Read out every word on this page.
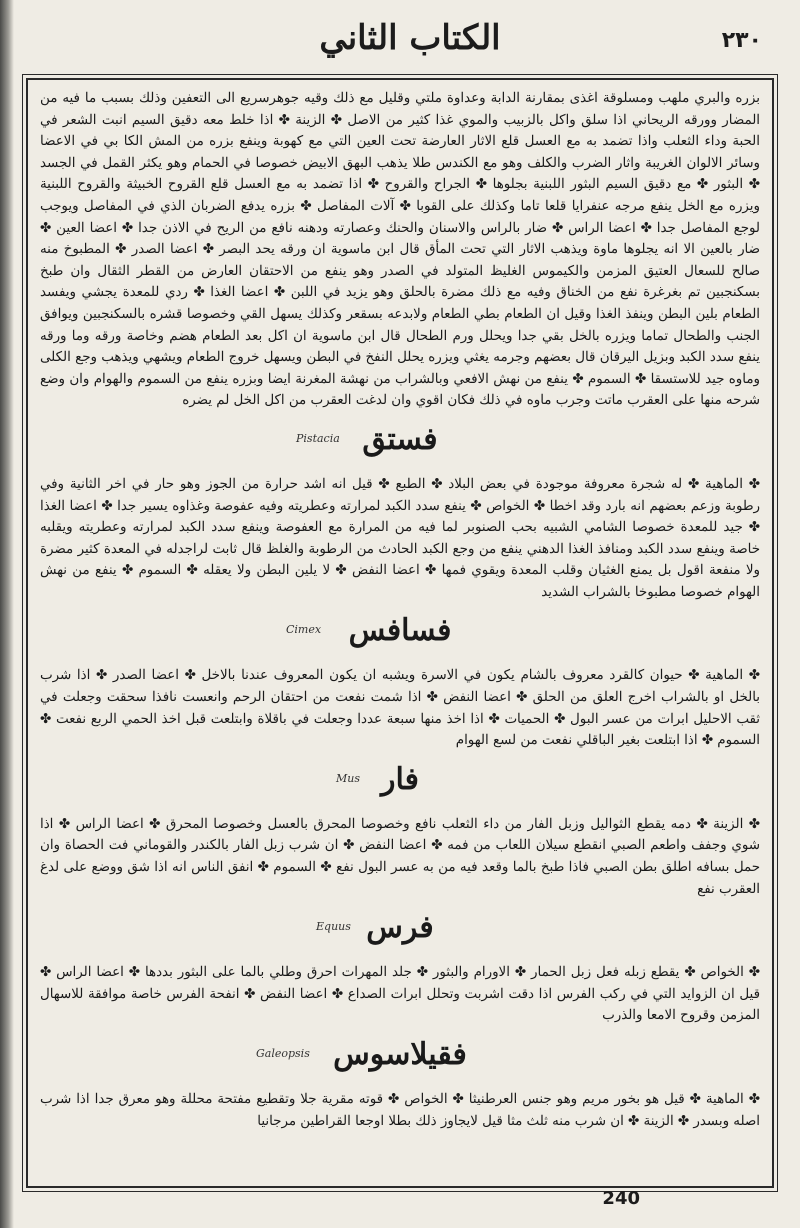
الكتاب الثاني	٢٣٠

بزره والبري ملهب ومسلوقة اغذى بمقارنة الدابة وعداوة ملتي وقليل مع ذلك وقيه جوهرسريع الى التعفين وذلك بسبب ما فيه من المضار وورقه الريحاني اذا سلق واكل بالزبيب والموي غذا كثير من الاصل ✤ الزينة ✤ اذا خلط معه دقيق السيم انبت الشعر في الحبة وداء الثعلب واذا تضمد به مع العسل قلع الاثار العارضة تحت العين التي مع كهوبة وينفع بزره من المش الكا بي في الاعضا وسائر الالوان الغريبة واثار الضرب والكلف وهو مع الكندس طلا يذهب البهق الابيض خصوصا في الحمام وهو يكثر القمل في الجسد ✤ البثور ✤ مع دقيق السيم البثور اللبنية بجلوها ✤ الجراح والقروح ✤ اذا تضمد به مع العسل قلع القروح الخبيثة والقروح اللبنية ويزره مع الخل ينفع مرجه عنفرايا قلعا تاما وكذلك على القوبا ✤ آلات المفاصل ✤ بزره يدفع الضربان الذي في المفاصل ويوجب لوجع المفاصل جدا ✤ اعضا الراس ✤ ضار بالراس والاسنان والحنك وعصارته ودهنه نافع من الريح في الاذن جدا ✤ اعضا العين ✤ ضار بالعين الا انه يجلوها ماوة ويذهب الاثار التي تحت المأق قال ابن ماسوية ان ورقه يحد البصر ✤ اعضا الصدر ✤ المطبوخ منه صالح للسعال العتيق المزمن والكيموس الغليظ المتولد في الصدر وهو ينفع من الاحتقان العارض من القطر الثقال وان طبخ بسكنجبين تم بغرغرة نفع من الخناق وفيه مع ذلك مضرة بالحلق وهو يزيد في اللبن ✤ اعضا الغذا ✤ ردي للمعدة يجشي ويفسد الطعام بلين البطن وينفذ الغذا وقيل ان الطعام بطي الطعام ولابدعه بسقعر وكذلك يسهل القي وخصوصا قشره بالسكنجبين ويوافق الجنب والطحال تماما ويزره بالخل بقي جدا ويحلل ورم الطحال قال ابن ماسوية ان اكل بعد الطعام هضم وخاصة ورقه وما ورقه ينفع سدد الكبد وبزيل اليرقان قال بعضهم وجرمه يغثي ويزره يحلل النفخ في البطن ويسهل خروج الطعام ويشهي ويذهب وجع الكلى وماوه جيد للاستسقا ✤ السموم ✤ ينفع من نهش الافعي وبالشراب من نهشة المغرنة ايضا وبزره ينفع من السموم والهوام وان وضع شرحه منها على العقرب ماتت وجرب ماوه في ذلك فكان اقوي وان لدغت العقرب من اكل الخل لم يضره

فستق
Pistacia

✤ الماهية ✤ له شجرة معروفة موجودة في بعض البلاد ✤ الطبع ✤ قيل انه اشد حرارة من الجوز وهو حار في اخر الثانية وفي رطوبة وزعم بعضهم انه بارد وقد اخطا ✤ الخواص ✤ ينفع سدد الكبد لمرارته وعطريته وفيه عفوصة وغذاوه يسير جدا ✤ اعضا الغذا ✤ جيد للمعدة خصوصا الشامي الشبيه بحب الصنوبر لما فيه من المرارة مع العفوصة وينفع سدد الكبد لمرارته وعطريته ويقلبه خاصة وينفع سدد الكبد ومنافذ الغذا الدهني ينفع من وجع الكبد الحادث من الرطوبة والغلظ قال ثابت لراجدله في المعدة كثير مضرة ولا منفعة اقول بل يمنع الغثيان وقلب المعدة ويقوي فمها ✤ اعضا النفض ✤ لا يلين البطن ولا يعقله ✤ السموم ✤ ينفع من نهش الهوام خصوصا مطبوخا بالشراب الشديد

فسافس
Cimex

✤ الماهية ✤ حيوان كالقرد معروف بالشام يكون في الاسرة ويشبه ان يكون المعروف عندنا بالاخل ✤ اعضا الصدر ✤ اذا شرب بالخل او بالشراب اخرج العلق من الحلق ✤ اعضا النفض ✤ اذا شمت نفعت من احتقان الرحم وانعست نافذا سحقت وجعلت في ثقب الاحليل ابرات من عسر البول ✤ الحميات ✤ اذا اخذ منها سبعة عددا وجعلت في باقلاة وابتلعت قبل اخذ الحمي الربع نفعت ✤ السموم ✤ اذا ابتلعت بغير الباقلي نفعت من لسع الهوام

فار
Mus

✤ الزينة ✤ دمه يقطع الثواليل وزبل الفار من داء الثعلب نافع وخصوصا المحرق بالعسل وخصوصا المحرق ✤ اعضا الراس ✤ اذا شوي وجفف واطعم الصبي انقطع سيلان اللعاب من فمه ✤ اعضا النفض ✤ ان شرب زبل الفار بالكندر والقوماني فت الحصاة وان حمل بسافه اطلق بطن الصبي فاذا طبخ بالما وقعد فيه من به عسر البول نفع ✤ السموم ✤ انفق الناس انه اذا شق ووضع على لدغ العقرب نفع

فرس
Equus

✤ الخواص ✤ يقطع زبله فعل زبل الحمار ✤ الاورام والبثور ✤ جلد المهرات احرق وطلي بالما على البثور بددها ✤ اعضا الراس ✤ قيل ان الزوايد التي في ركب الفرس اذا دقت اشربت وتحلل ابرات الصداع ✤ اعضا النفض ✤ انفحة الفرس خاصة موافقة للاسهال المزمن وقروح الامعا والذرب

فقيلاسوس
Galeopsis

✤ الماهية ✤ قيل هو بخور مريم وهو جنس العرطنيثا ✤ الخواص ✤ قوته مقرية جلا وتقطيع مفتحة محللة وهو معرق جدا اذا شرب اصله وبسدر ✤ الزينة ✤ ان شرب منه ثلث مثا قيل لايجاوز ذلك بطلا اوجعا القراطين مرجانيا

240
